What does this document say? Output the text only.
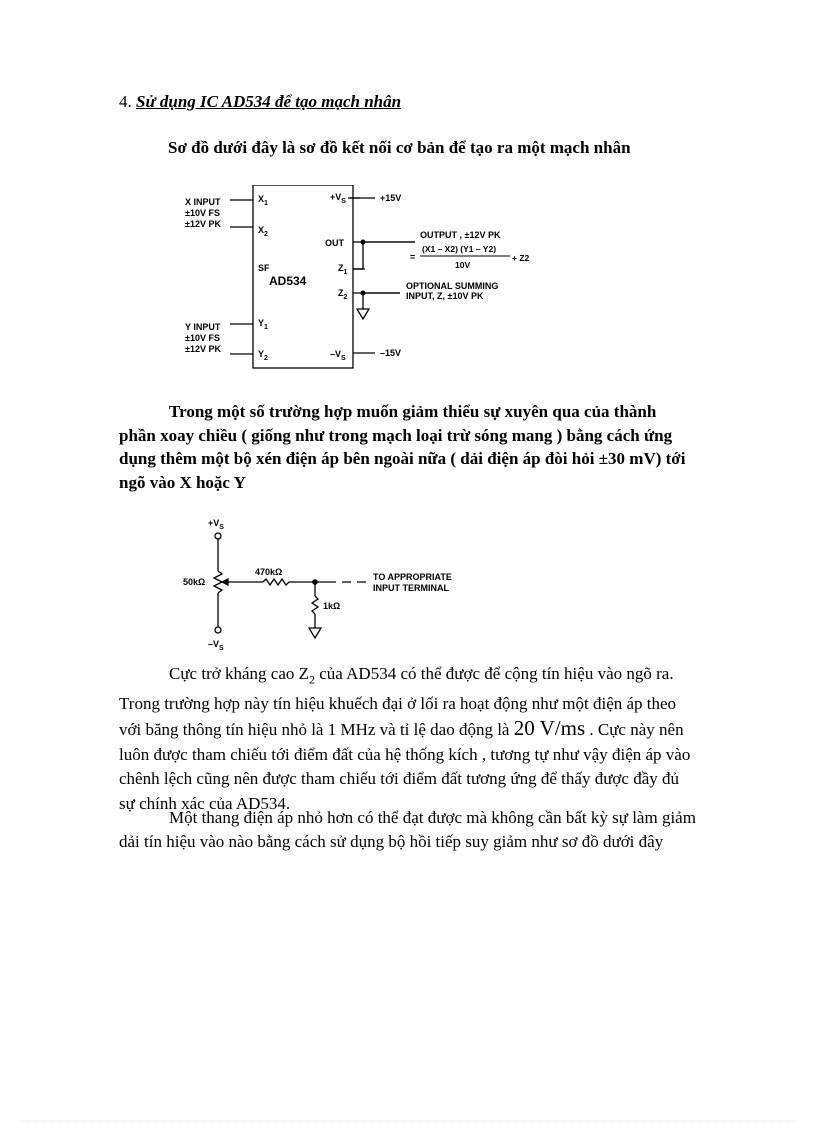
4. Sử dụng IC AD534 để tạo mạch nhân
Sơ đồ dưới đây là sơ đồ kết nối cơ bản để tạo ra một mạch nhân
X INPUT
±10V FS
±12V PK
Y INPUT
±10V FS
±12V PK
$X_1$
$X_2$
SF
$Y_1$
$Y_2$
$+V_S$
OUT
$Z_1$
$Z_2$
$-V_S$
AD534
+15V
–15V
OUTPUT , ±12V PK
=
(X1 – X2) (Y1 – Y2)
10V
+ Z2
OPTIONAL SUMMING
INPUT, Z, ±10V PK
Trong một số trường hợp muốn giảm thiểu sự xuyên qua của thành phần xoay chiều ( giống như trong mạch loại trừ sóng mang ) bằng cách ứng dụng thêm một bộ xén điện áp bên ngoài nữa ( dải điện áp đòi hỏi ±30 mV) tới ngõ vào X hoặc Y
$+V_S$
$-V_S$
50kΩ
470kΩ
1kΩ
TO APPROPRIATE
INPUT TERMINAL
Cực trở kháng cao $Z_2$ của AD534 có thể được để cộng tín hiệu vào ngõ ra. Trong trường hợp này tín hiệu khuếch đại ở lối ra hoạt động như một điện áp theo với băng thông tín hiệu nhỏ là 1 MHz và tỉ lệ dao động là 20 V/ms . Cực này nên luôn được tham chiếu tới điểm đất của hệ thống kích , tương tự như vậy điện áp vào chênh lệch cũng nên được tham chiếu tới điểm đất tương ứng để thấy được đầy đủ sự chính xác của AD534.
Một thang điện áp nhỏ hơn có thể đạt được mà không cần bất kỳ sự làm giảm dải tín hiệu vào nào bằng cách sử dụng bộ hồi tiếp suy giảm như sơ đồ dưới đây
